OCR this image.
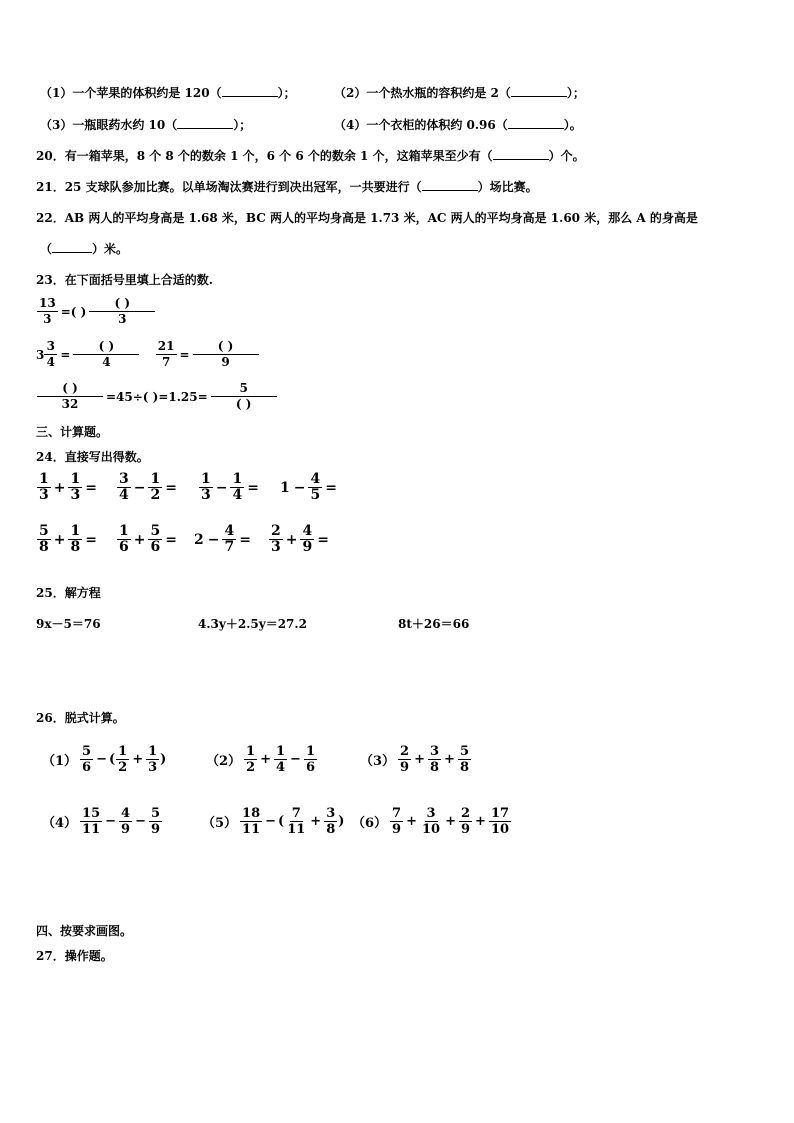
（1）一个苹果的体积约是 120（	）；	（2）一个热水瓶的容积约是 2（	）；
（3）一瓶眼药水约 10（	）；	（4）一个衣柜的体积约 0.96（	）。
20．有一箱苹果，8 个 8 个的数余 1 个，6 个 6 个的数余 1 个，这箱苹果至少有（	）个。
21．25 支球队参加比赛。以单场淘汰赛进行到决出冠军，一共要进行（	）场比赛。
22．AB 两人的平均身高是 1.68 米，BC 两人的平均身高是 1.73 米，AC 两人的平均身高是 1.60 米，那么 A 的身高是
（	）米。
23．在下面括号里填上合适的数.
$\frac{13}{3}$ =( ) $\frac{( )}{3}$
$3 \frac{3}{4} = \frac{( )}{4}$
$\frac{21}{7} = \frac{( )}{9}$
$\frac{( )}{32} =45\div$( )$=1.25= \frac{5}{( )}$
三、计算题。
24．直接写出得数。
$\frac{1}{3} + \frac{1}{3} = \frac{3}{4} - \frac{1}{2} = \frac{1}{3} - \frac{1}{4} = 1 - \frac{4}{5}$ =
$\frac{5}{8} + \frac{1}{8} = \frac{1}{6} + \frac{5}{6} = 2 - \frac{4}{7} = \frac{2}{3} + \frac{4}{9}$ =
25．解方程
9x－5＝76	4.3y＋2.5y＝27.2	8t＋26＝66
26．脱式计算。
$(1) \frac{5}{6}$ − ( $\frac{1}{2} + \frac{1}{3}$ )	$(2) \frac{1}{2} + \frac{1}{4} - \frac{1}{6}$	$(3) \frac{2}{9} + \frac{3}{8} + \frac{5}{8}$
$(4) \frac{15}{11} - \frac{4}{9} - \frac{5}{9}$	$(5) \frac{18}{11}$ − ( $\frac{7}{11} + \frac{3}{8}$ ) $(6) \frac{7}{9} + \frac{3}{10} + \frac{2}{9} + \frac{17}{10}$
四、按要求画图。
27．操作题。
